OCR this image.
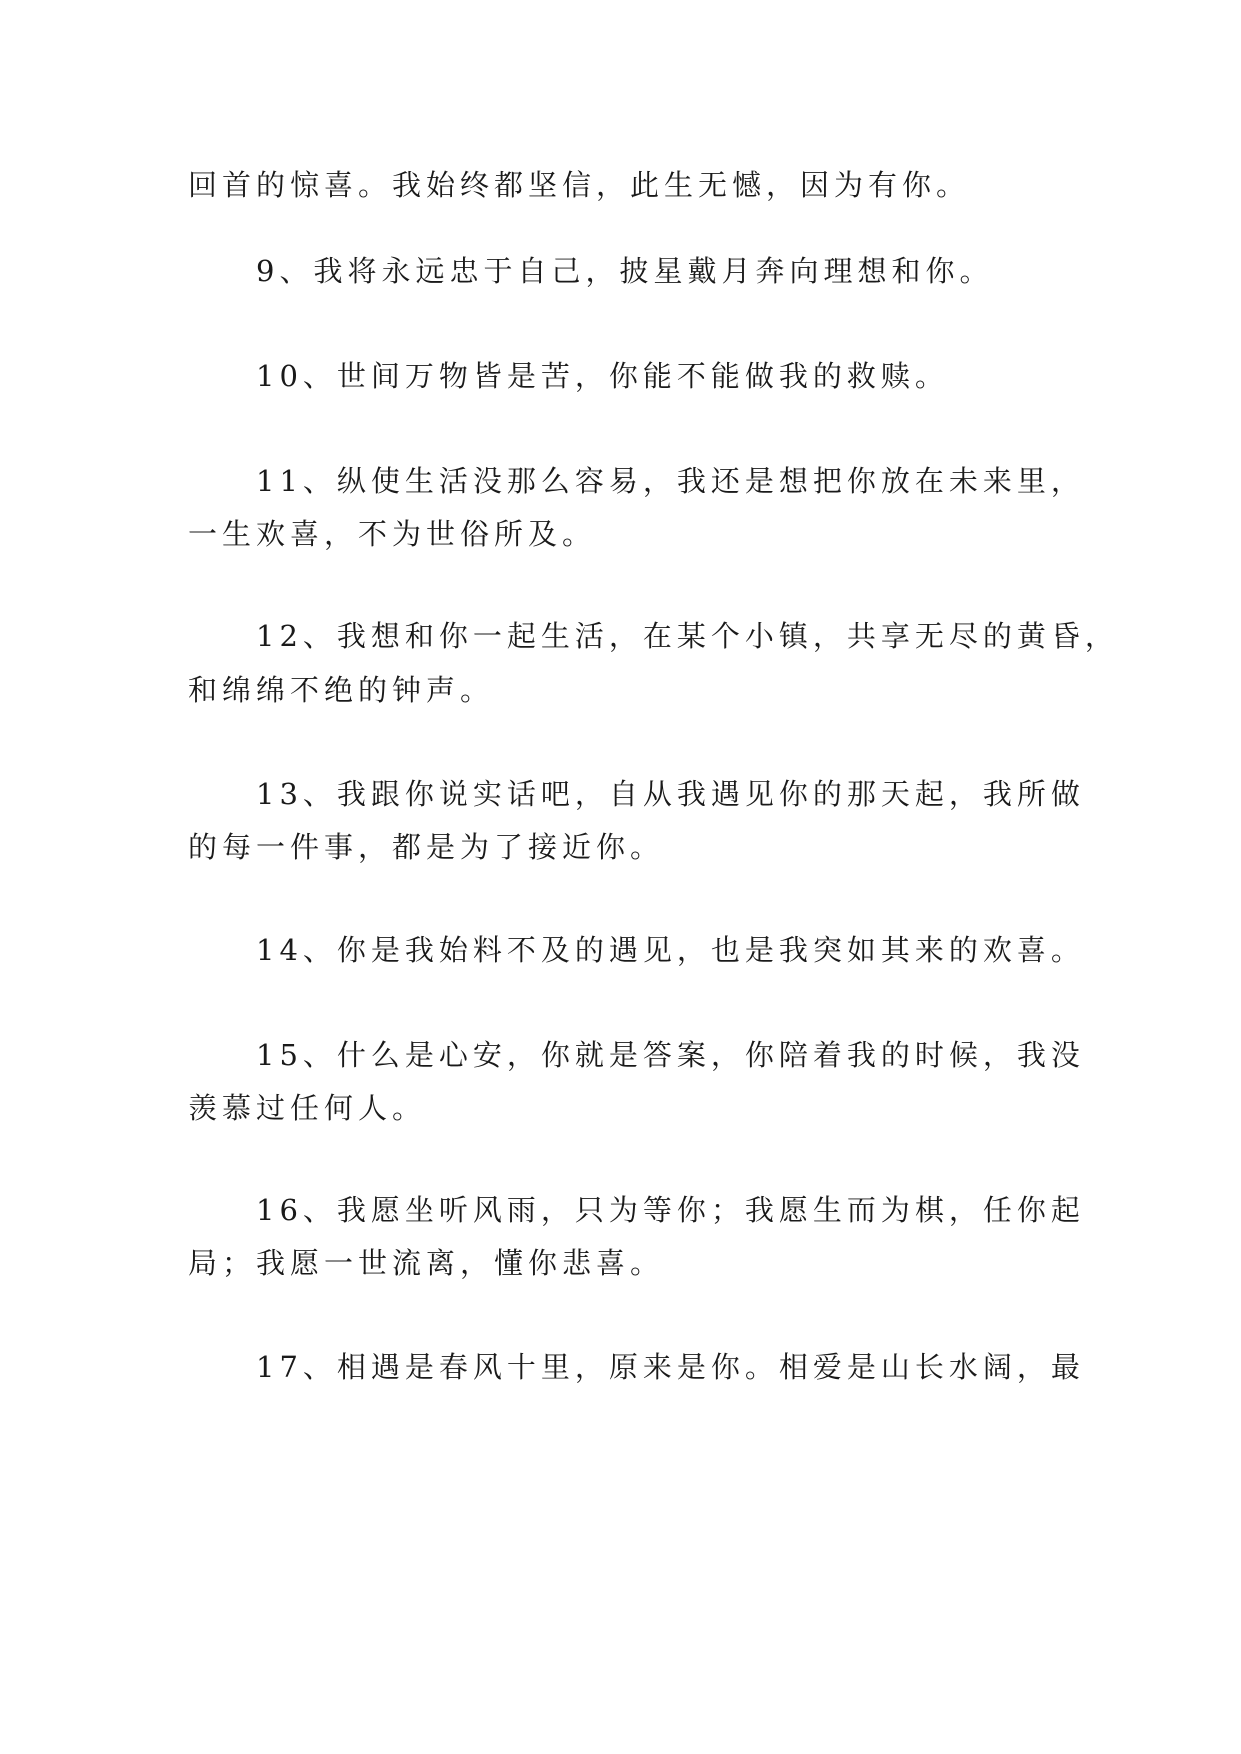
回首的惊喜。我始终都坚信，此生无憾，因为有你。

9、我将永远忠于自己，披星戴月奔向理想和你。

10、世间万物皆是苦，你能不能做我的救赎。

11、纵使生活没那么容易，我还是想把你放在未来里，

一生欢喜，不为世俗所及。

12、我想和你一起生活，在某个小镇，共享无尽的黄昏，

和绵绵不绝的钟声。

13、我跟你说实话吧，自从我遇见你的那天起，我所做

的每一件事，都是为了接近你。

14、你是我始料不及的遇见，也是我突如其来的欢喜。

15、什么是心安，你就是答案，你陪着我的时候，我没

羡慕过任何人。

16、我愿坐听风雨，只为等你；我愿生而为棋，任你起

局；我愿一世流离，懂你悲喜。

17、相遇是春风十里，原来是你。相爱是山长水阔，最
